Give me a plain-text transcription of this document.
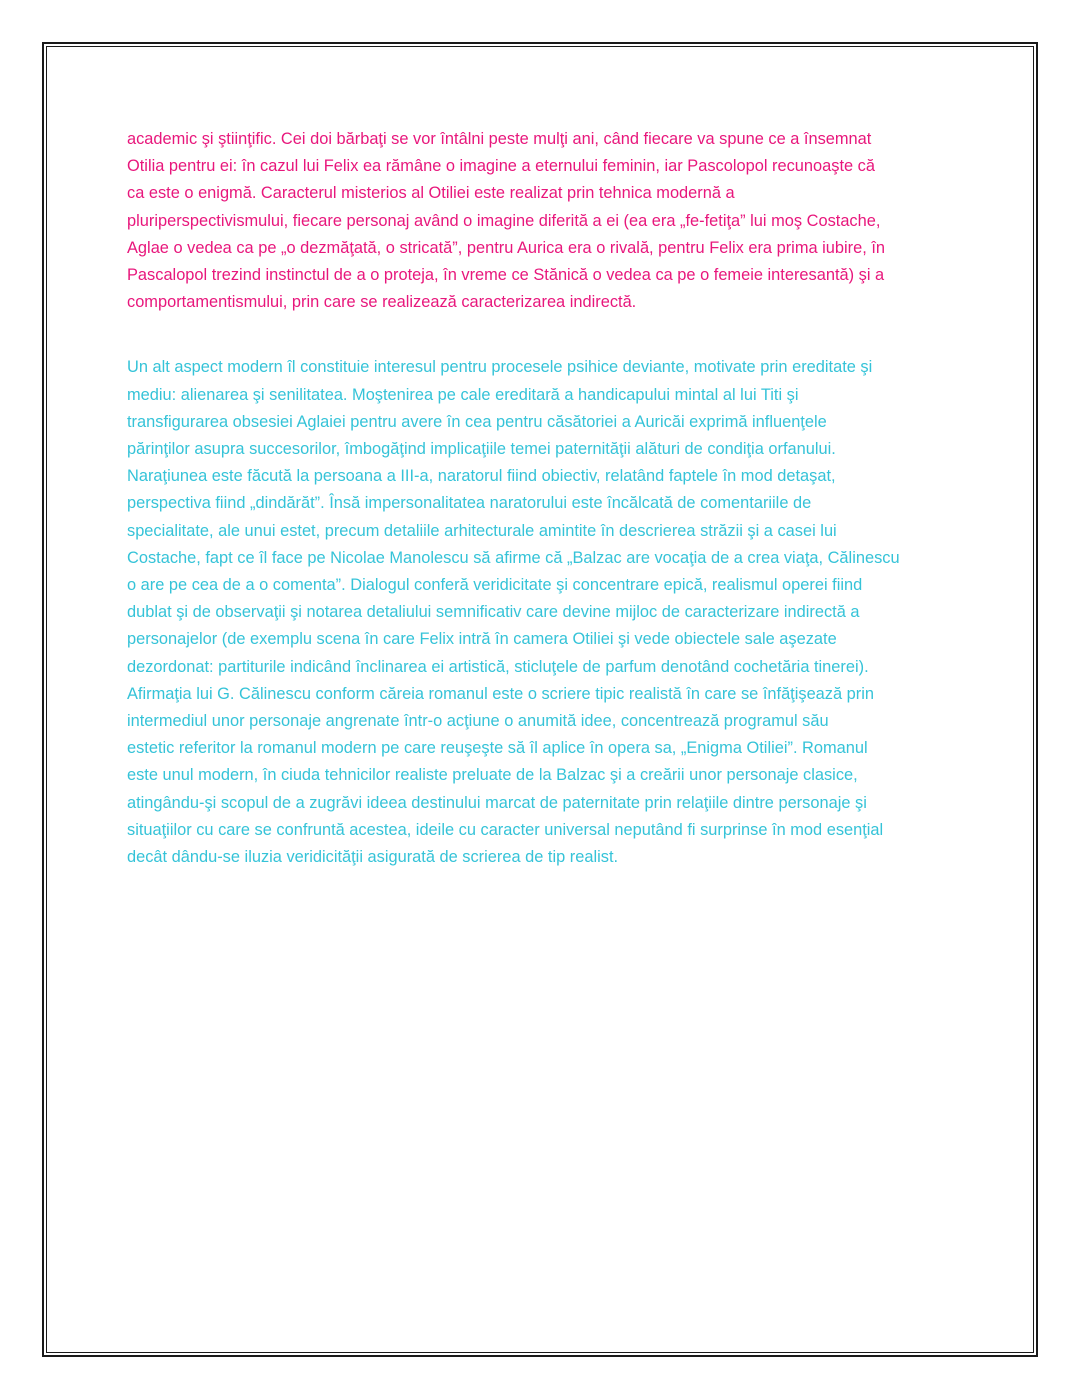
academic şi ştiinţific. Cei doi bărbaţi se vor întâlni peste mulţi ani, când fiecare va spune ce a însemnat
Otilia pentru ei: în cazul lui Felix ea rămâne o imagine a eternului feminin, iar Pascolopol recunoaşte că
ca este o enigmă. Caracterul misterios al Otiliei este realizat prin tehnica modernă a
pluriperspectivismului, fiecare personaj având o imagine diferită a ei (ea era „fe-fetiţa” lui moş Costache,
Aglae o vedea ca pe „o dezmăţată, o stricată”, pentru Aurica era o rivală, pentru Felix era prima iubire, în
Pascalopol trezind instinctul de a o proteja, în vreme ce Stănică o vedea ca pe o femeie interesantă) şi a
comportamentismului, prin care se realizează caracterizarea indirectă.

Un alt aspect modern îl constituie interesul pentru procesele psihice deviante, motivate prin ereditate şi
mediu: alienarea şi senilitatea. Moştenirea pe cale ereditară a handicapului mintal al lui Titi şi
transfigurarea obsesiei Aglaiei pentru avere în cea pentru căsătoriei a Auricăi exprimă influenţele
părinţilor asupra succesorilor, îmbogăţind implicaţiile temei paternităţii alături de condiţia orfanului.
Naraţiunea este făcută la persoana a III-a, naratorul fiind obiectiv, relatând faptele în mod detaşat,
perspectiva fiind „dindărăt”. Însă impersonalitatea naratorului este încălcată de comentariile de
specialitate, ale unui estet, precum detaliile arhitecturale amintite în descrierea străzii şi a casei lui
Costache, fapt ce îl face pe Nicolae Manolescu să afirme că „Balzac are vocaţia de a crea viaţa, Călinescu
o are pe cea de a o comenta”. Dialogul conferă veridicitate şi concentrare epică, realismul operei fiind
dublat şi de observaţii şi notarea detaliului semnificativ care devine mijloc de caracterizare indirectă a
personajelor (de exemplu scena în care Felix intră în camera Otiliei şi vede obiectele sale aşezate
dezordonat: partiturile indicând înclinarea ei artistică, sticluţele de parfum denotând cochetăria tinerei).
Afirmaţia lui G. Călinescu conform căreia romanul este o scriere tipic realistă în care se înfăţişează prin
intermediul unor personaje angrenate într-o acţiune o anumită idee, concentrează programul său
estetic referitor la romanul modern pe care reuşeşte să îl aplice în opera sa, „Enigma Otiliei”. Romanul
este unul modern, în ciuda tehnicilor realiste preluate de la Balzac şi a creării unor personaje clasice,
atingându-şi scopul de a zugrăvi ideea destinului marcat de paternitate prin relaţiile dintre personaje şi
situaţiilor cu care se confruntă acestea, ideile cu caracter universal neputând fi surprinse în mod esenţial
decât dându-se iluzia veridicităţii asigurată de scrierea de tip realist.
